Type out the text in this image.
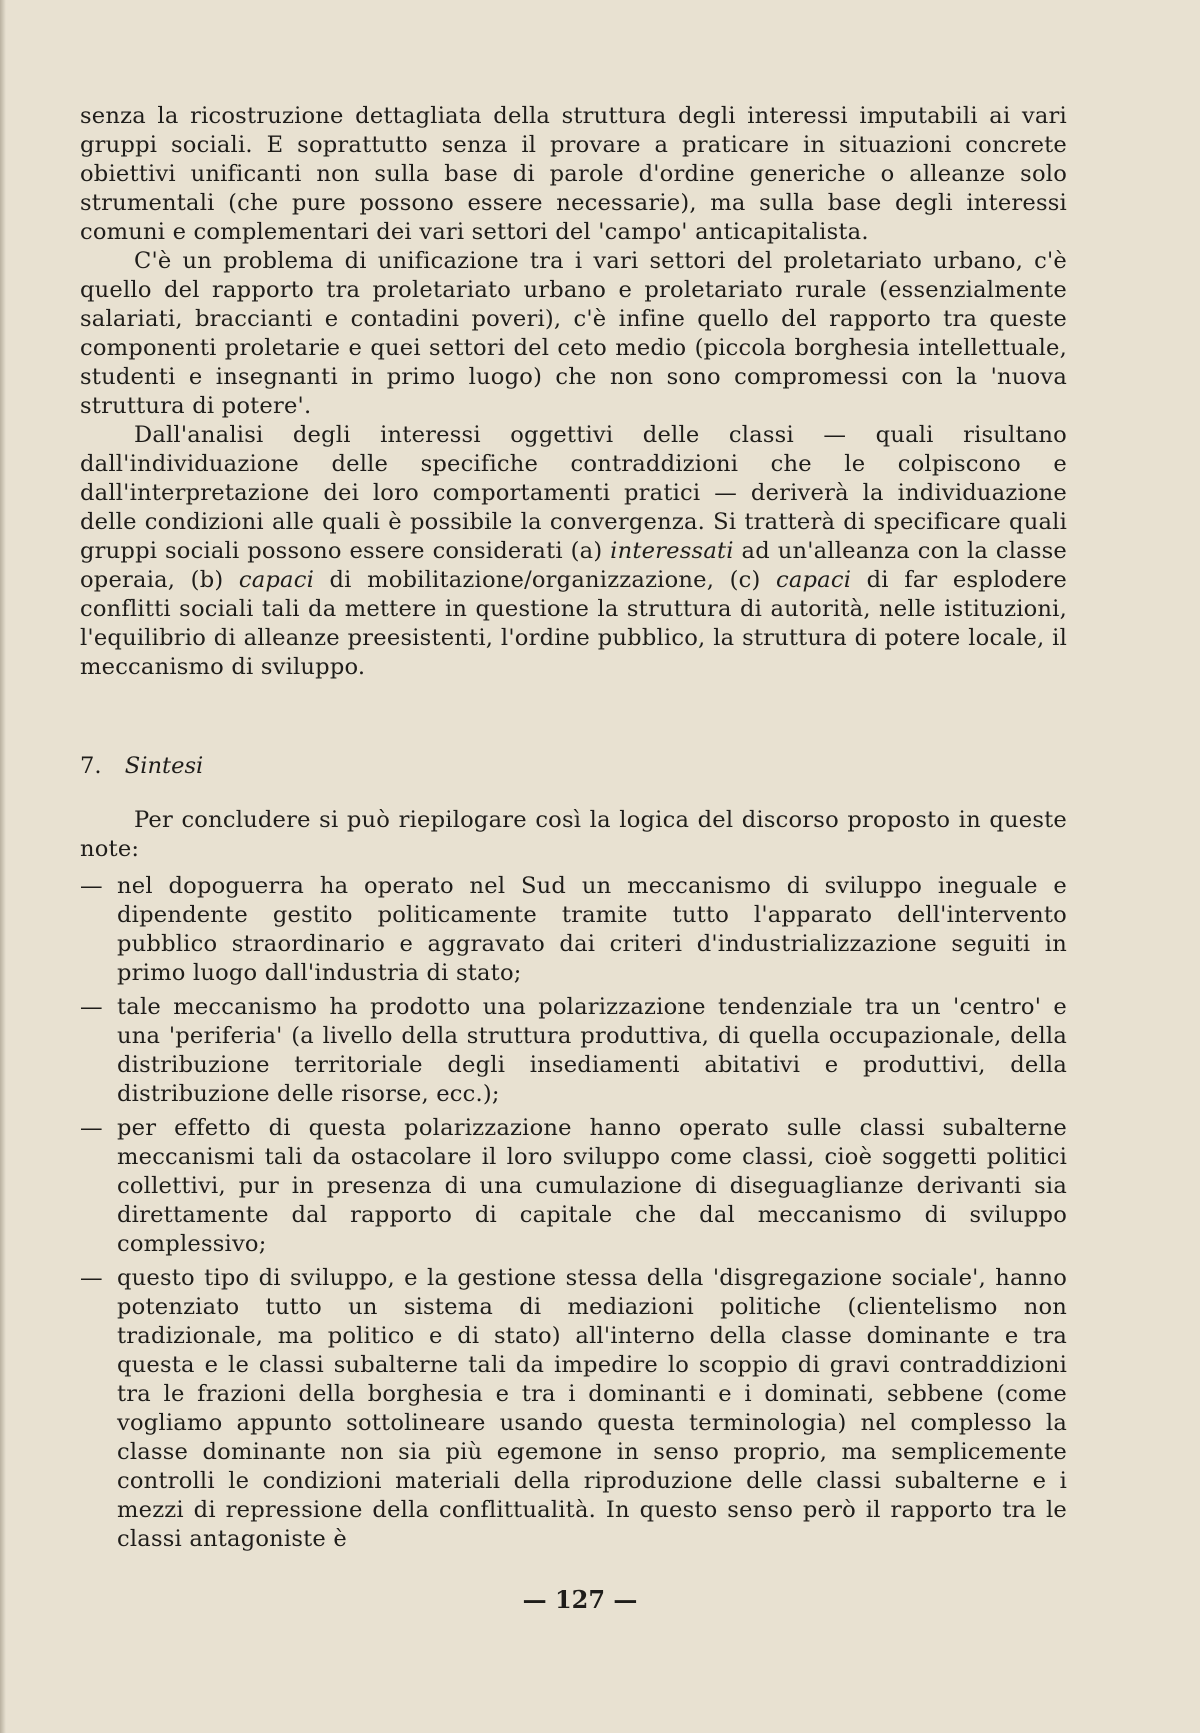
senza la ricostruzione dettagliata della struttura degli interessi imputabili ai vari gruppi sociali. E soprattutto senza il provare a praticare in situazioni concrete obiettivi unificanti non sulla base di parole d'ordine generiche o alleanze solo strumentali (che pure possono essere necessarie), ma sulla base degli interessi comuni e complementari dei vari settori del 'campo' anticapitalista.

C'è un problema di unificazione tra i vari settori del proletariato urbano, c'è quello del rapporto tra proletariato urbano e proletariato rurale (essenzialmente salariati, braccianti e contadini poveri), c'è infine quello del rapporto tra queste componenti proletarie e quei settori del ceto medio (piccola borghesia intellettuale, studenti e insegnanti in primo luogo) che non sono compromessi con la 'nuova struttura di potere'.

Dall'analisi degli interessi oggettivi delle classi — quali risultano dall'individuazione delle specifiche contraddizioni che le colpiscono e dall'interpretazione dei loro comportamenti pratici — deriverà la individuazione delle condizioni alle quali è possibile la convergenza. Si tratterà di specificare quali gruppi sociali possono essere considerati (a) interessati ad un'alleanza con la classe operaia, (b) capaci di mobilitazione/organizzazione, (c) capaci di far esplodere conflitti sociali tali da mettere in questione la struttura di autorità, nelle istituzioni, l'equilibrio di alleanze preesistenti, l'ordine pubblico, la struttura di potere locale, il meccanismo di sviluppo.

7. Sintesi

Per concludere si può riepilogare così la logica del discorso proposto in queste note:

— nel dopoguerra ha operato nel Sud un meccanismo di sviluppo ineguale e dipendente gestito politicamente tramite tutto l'apparato dell'intervento pubblico straordinario e aggravato dai criteri d'industrializzazione seguiti in primo luogo dall'industria di stato;
— tale meccanismo ha prodotto una polarizzazione tendenziale tra un 'centro' e una 'periferia' (a livello della struttura produttiva, di quella occupazionale, della distribuzione territoriale degli insediamenti abitativi e produttivi, della distribuzione delle risorse, ecc.);
— per effetto di questa polarizzazione hanno operato sulle classi subalterne meccanismi tali da ostacolare il loro sviluppo come classi, cioè soggetti politici collettivi, pur in presenza di una cumulazione di diseguaglianze derivanti sia direttamente dal rapporto di capitale che dal meccanismo di sviluppo complessivo;
— questo tipo di sviluppo, e la gestione stessa della 'disgregazione sociale', hanno potenziato tutto un sistema di mediazioni politiche (clientelismo non tradizionale, ma politico e di stato) all'interno della classe dominante e tra questa e le classi subalterne tali da impedire lo scoppio di gravi contraddizioni tra le frazioni della borghesia e tra i dominanti e i dominati, sebbene (come vogliamo appunto sottolineare usando questa terminologia) nel complesso la classe dominante non sia più egemone in senso proprio, ma semplicemente controlli le condizioni materiali della riproduzione delle classi subalterne e i mezzi di repressione della conflittualità. In questo senso però il rapporto tra le classi antagoniste è
— 127 —
